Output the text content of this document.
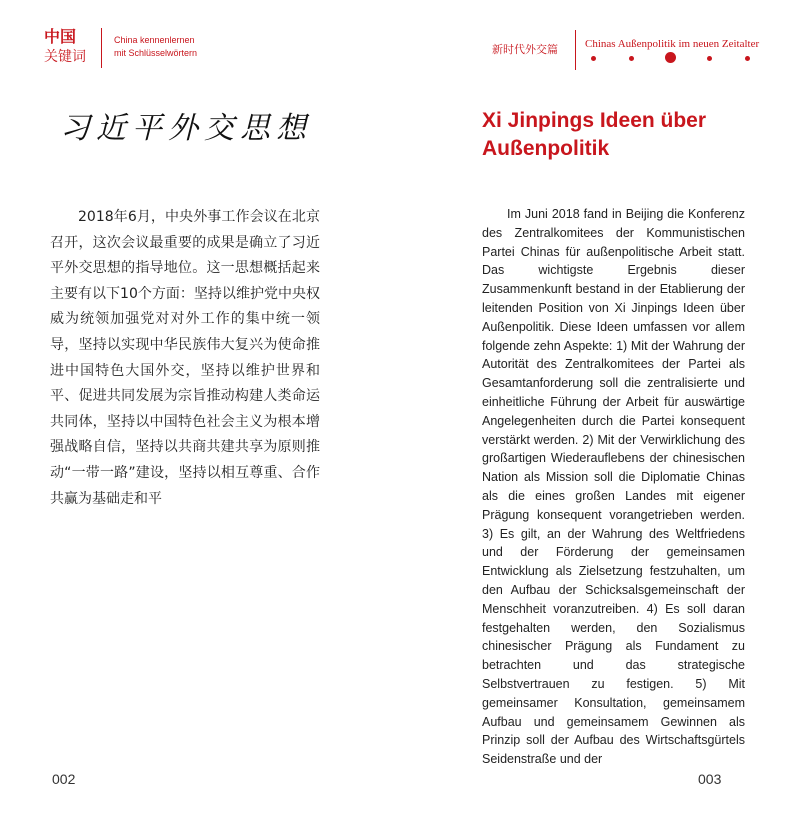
中国
关键词
China kennenlernen
mit Schlüsselwörtern
习近平外交思想

2018年6月，中央外事工作会议在北京召开，这次会议最重要的成果是确立了习近平外交思想的指导地位。这一思想概括起来主要有以下10个方面：坚持以维护党中央权威为统领加强党对对外工作的集中统一领导，坚持以实现中华民族伟大复兴为使命推进中国特色大国外交，坚持以维护世界和平、促进共同发展为宗旨推动构建人类命运共同体，坚持以中国特色社会主义为根本增强战略自信，坚持以共商共建共享为原则推动“一带一路”建设，坚持以相互尊重、合作共赢为基础走和平

002
新时代外交篇 Chinas Außenpolitik im neuen Zeitalter
Xi Jinpings Ideen über Außenpolitik

Im Juni 2018 fand in Beijing die Konferenz des Zentralkomitees der Kommunistischen Partei Chinas für außenpolitische Arbeit statt. Das wichtigste Ergebnis dieser Zusammenkunft bestand in der Etablierung der leitenden Position von Xi Jinpings Ideen über Außenpolitik. Diese Ideen umfassen vor allem folgende zehn Aspekte: 1) Mit der Wahrung der Autorität des Zentralkomitees der Partei als Gesamtanforderung soll die zentralisierte und einheitliche Führung der Arbeit für auswärtige Angelegenheiten durch die Partei konsequent verstärkt werden. 2) Mit der Verwirklichung des großartigen Wiederauflebens der chinesischen Nation als Mission soll die Diplomatie Chinas als die eines großen Landes mit eigener Prägung konsequent vorangetrieben werden. 3) Es gilt, an der Wahrung des Weltfriedens und der Förderung der gemeinsamen Entwicklung als Zielsetzung festzuhalten, um den Aufbau der Schicksalsgemeinschaft der Menschheit voranzutreiben. 4) Es soll daran festgehalten werden, den Sozialismus chinesischer Prägung als Fundament zu betrachten und das strategische Selbstvertrauen zu festigen. 5) Mit gemeinsamer Konsultation, gemeinsamem Aufbau und gemeinsamem Gewinnen als Prinzip soll der Aufbau des Wirtschaftsgürtels Seidenstraße und der

003
